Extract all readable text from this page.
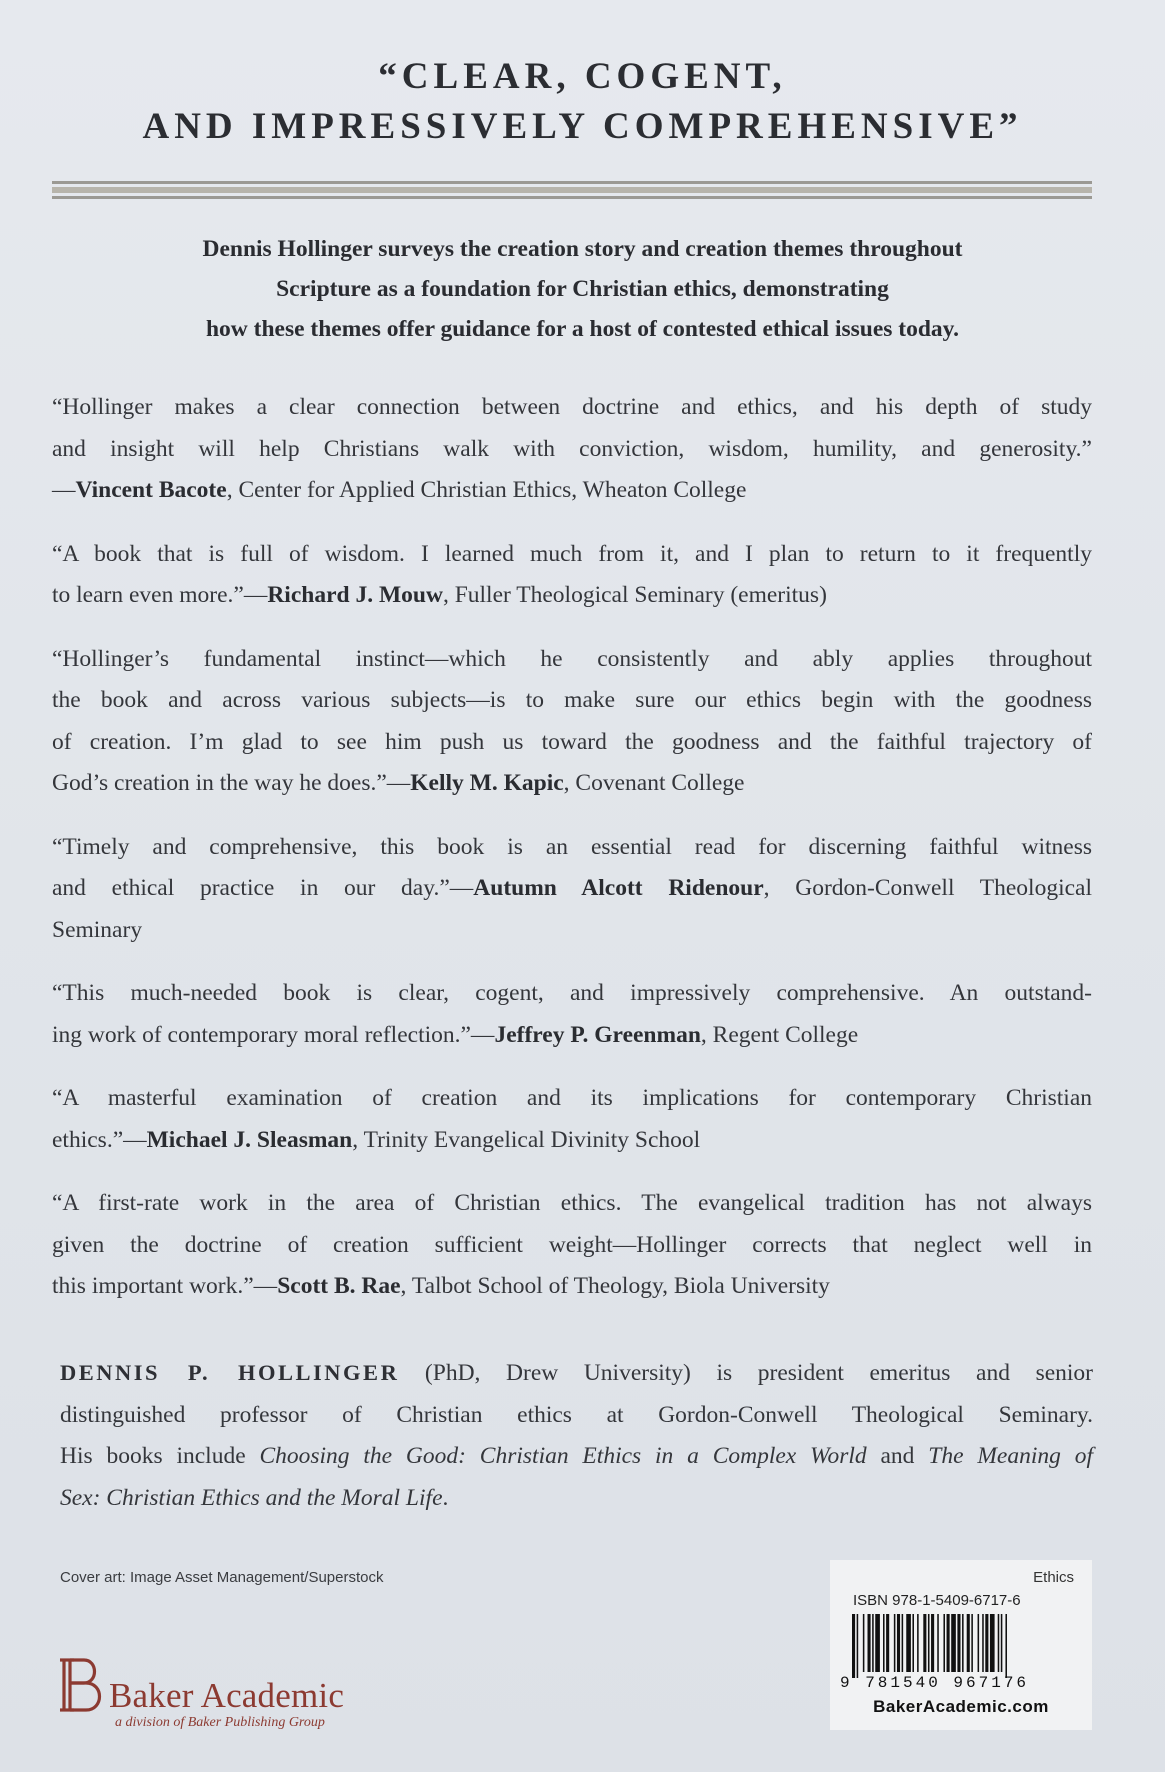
“CLEAR, COGENT,
AND IMPRESSIVELY COMPREHENSIVE”
Dennis Hollinger surveys the creation story and creation themes throughout
Scripture as a foundation for Christian ethics, demonstrating
how these themes offer guidance for a host of contested ethical issues today.
“Hollinger makes a clear connection between doctrine and ethics, and his depth of study
and insight will help Christians walk with conviction, wisdom, humility, and generosity.”
—Vincent Bacote, Center for Applied Christian Ethics, Wheaton College
“A book that is full of wisdom. I learned much from it, and I plan to return to it frequently
to learn even more.”—Richard J. Mouw, Fuller Theological Seminary (emeritus)
“Hollinger’s fundamental instinct—which he consistently and ably applies throughout
the book and across various subjects—is to make sure our ethics begin with the goodness
of creation. I’m glad to see him push us toward the goodness and the faithful trajectory of
God’s creation in the way he does.”—Kelly M. Kapic, Covenant College
“Timely and comprehensive, this book is an essential read for discerning faithful witness
and ethical practice in our day.”—Autumn Alcott Ridenour, Gordon-Conwell Theological
Seminary
“This much-needed book is clear, cogent, and impressively comprehensive. An outstand-
ing work of contemporary moral reflection.”—Jeffrey P. Greenman, Regent College
“A masterful examination of creation and its implications for contemporary Christian
ethics.”—Michael J. Sleasman, Trinity Evangelical Divinity School
“A first-rate work in the area of Christian ethics. The evangelical tradition has not always
given the doctrine of creation sufficient weight—Hollinger corrects that neglect well in
this important work.”—Scott B. Rae, Talbot School of Theology, Biola University
DENNIS P. HOLLINGER (PhD, Drew University) is president emeritus and senior
distinguished professor of Christian ethics at Gordon-Conwell Theological Seminary.
His books include Choosing the Good: Christian Ethics in a Complex World and The Meaning of
Sex: Christian Ethics and the Moral Life.
Cover art: Image Asset Management/Superstock
Baker Academic
a division of Baker Publishing Group
Ethics
ISBN 978-1-5409-6717-6
9 781540 967176
BakerAcademic.com
